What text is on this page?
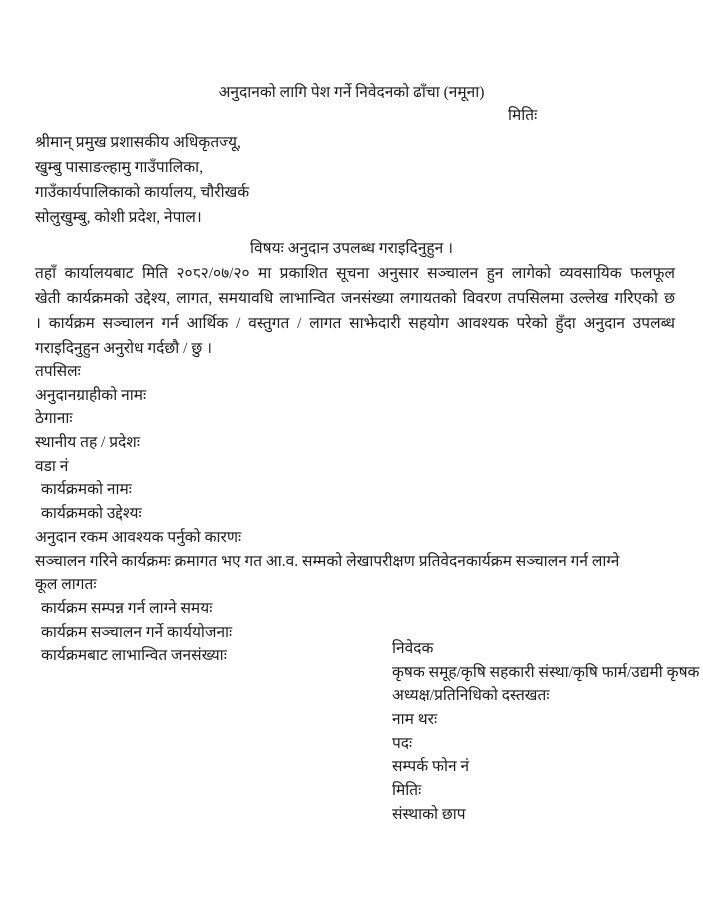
अनुदानको लागि पेश गर्ने निवेदनको ढाँचा (नमूना)
मितिः
श्रीमान् प्रमुख प्रशासकीय अधिकृतज्यू,
खुम्बु पासाङल्हामु गाउँपालिका,
गाउँकार्यपालिकाको कार्यालय, चौरीखर्क
सोलुखुम्बु, कोशी प्रदेश, नेपाल।
विषयः अनुदान उपलब्ध गराइदिनुहुन ।
तहाँ कार्यालयबाट मिति २०८२/०७/२० मा प्रकाशित सूचना अनुसार सञ्चालन हुन लागेको व्यवसायिक फलफूल
खेती कार्यक्रमको उद्देश्य, लागत, समयावधि लाभान्वित जनसंख्या लगायतको विवरण तपसिलमा उल्लेख गरिएको छ
। कार्यक्रम सञ्चालन गर्न आर्थिक / वस्तुगत / लागत साझेदारी सहयोग आवश्यक परेको हुँदा अनुदान उपलब्ध
गराइदिनुहुन अनुरोध गर्दछौ / छु ।
तपसिलः
अनुदानग्राहीको नामः
ठेगानाः
स्थानीय तह / प्रदेशः
वडा नं
कार्यक्रमको नामः
कार्यक्रमको उद्देश्यः
अनुदान रकम आवश्यक पर्नुको कारणः
सञ्चालन गरिने कार्यक्रमः क्रमागत भए गत आ.व. सम्मको लेखापरीक्षण प्रतिवेदनकार्यक्रम सञ्चालन गर्न लाग्ने
कूल लागतः
कार्यक्रम सम्पन्न गर्न लाग्ने समयः
कार्यक्रम सञ्चालन गर्ने कार्ययोजनाः
कार्यक्रमबाट लाभान्वित जनसंख्याः	निवेदक
कृषक समूह/कृषि सहकारी संस्था/कृषि फार्म/उद्यमी कृषक
अध्यक्ष/प्रतिनिधिको दस्तखतः
नाम थरः
पदः
सम्पर्क फोन नं
मितिः
संस्थाको छाप
